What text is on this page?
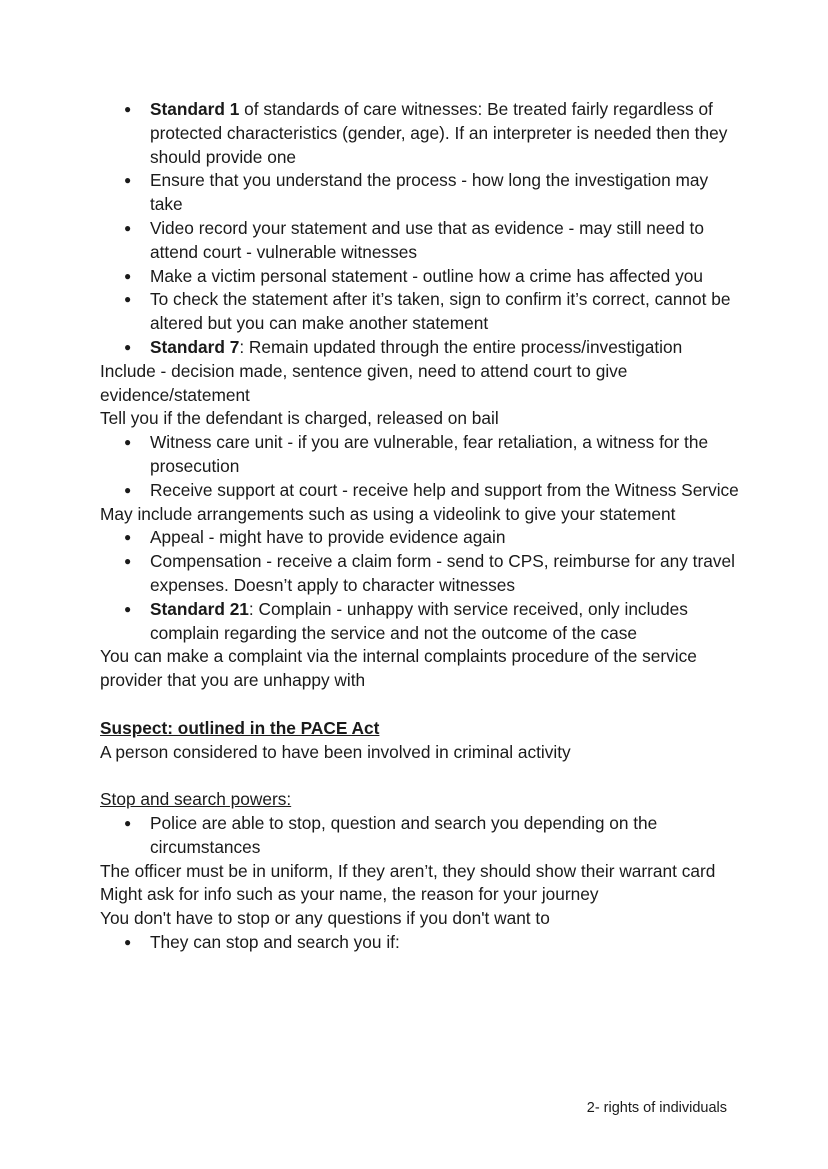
● Standard 1 of standards of care witnesses: Be treated fairly regardless of protected characteristics (gender, age). If an interpreter is needed then they should provide one
● Ensure that you understand the process - how long the investigation may take
● Video record your statement and use that as evidence - may still need to attend court - vulnerable witnesses
● Make a victim personal statement - outline how a crime has affected you
● To check the statement after it’s taken, sign to confirm it’s correct, cannot be altered but you can make another statement
● Standard 7: Remain updated through the entire process/investigation

Include - decision made, sentence given, need to attend court to give evidence/statement

Tell you if the defendant is charged, released on bail

● Witness care unit - if you are vulnerable, fear retaliation, a witness for the prosecution
● Receive support at court - receive help and support from the Witness Service

May include arrangements such as using a videolink to give your statement

● Appeal - might have to provide evidence again
● Compensation - receive a claim form - send to CPS, reimburse for any travel expenses. Doesn’t apply to character witnesses
● Standard 21: Complain - unhappy with service received, only includes complain regarding the service and not the outcome of the case

You can make a complaint via the internal complaints procedure of the service provider that you are unhappy with

Suspect: outlined in the PACE Act

A person considered to have been involved in criminal activity

Stop and search powers:

● Police are able to stop, question and search you depending on the circumstances

The officer must be in uniform, If they aren’t, they should show their warrant card

Might ask for info such as your name, the reason for your journey

You don't have to stop or any questions if you don't want to

● They can stop and search you if:
2- rights of individuals
